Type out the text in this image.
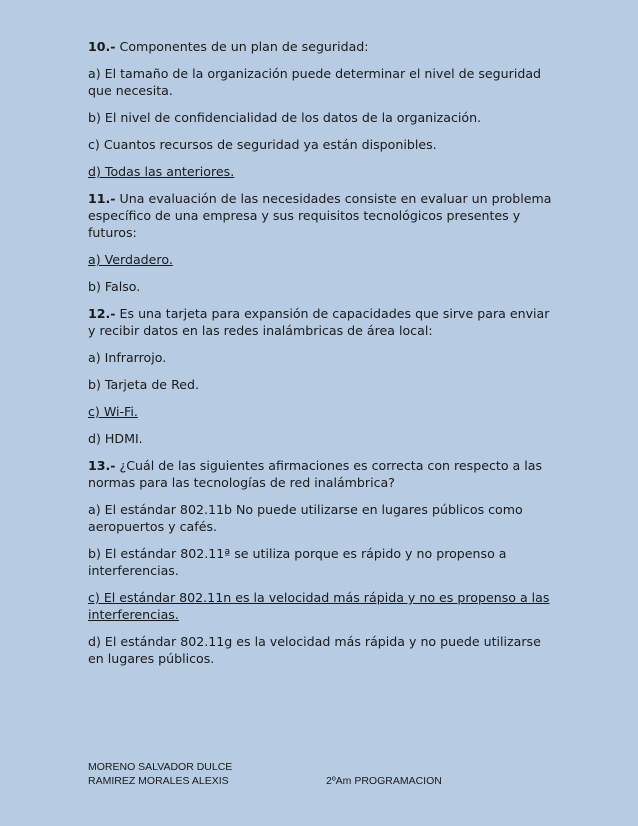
10.- Componentes de un plan de seguridad:

a) El tamaño de la organización puede determinar el nivel de seguridad que necesita.

b) El nivel de confidencialidad de los datos de la organización.

c) Cuantos recursos de seguridad ya están disponibles.

d) Todas las anteriores.

11.- Una evaluación de las necesidades consiste en evaluar un problema específico de una empresa y sus requisitos tecnológicos presentes y futuros:

a) Verdadero.

b) Falso.

12.- Es una tarjeta para expansión de capacidades que sirve para enviar y recibir datos en las redes inalámbricas de área local:

a) Infrarrojo.

b) Tarjeta de Red.

c) Wi-Fi.

d) HDMI.

13.- ¿Cuál de las siguientes afirmaciones es correcta con respecto a las normas para las tecnologías de red inalámbrica?

a) El estándar 802.11b No puede utilizarse en lugares públicos como aeropuertos y cafés.

b) El estándar 802.11ª se utiliza porque es rápido y no propenso a interferencias.

c) El estándar 802.11n es la velocidad más rápida y no es propenso a las interferencias.

d) El estándar 802.11g es la velocidad más rápida y no puede utilizarse en lugares públicos.

MORENO SALVADOR DULCE
RAMIREZ MORALES ALEXIS	2ºAm PROGRAMACION
